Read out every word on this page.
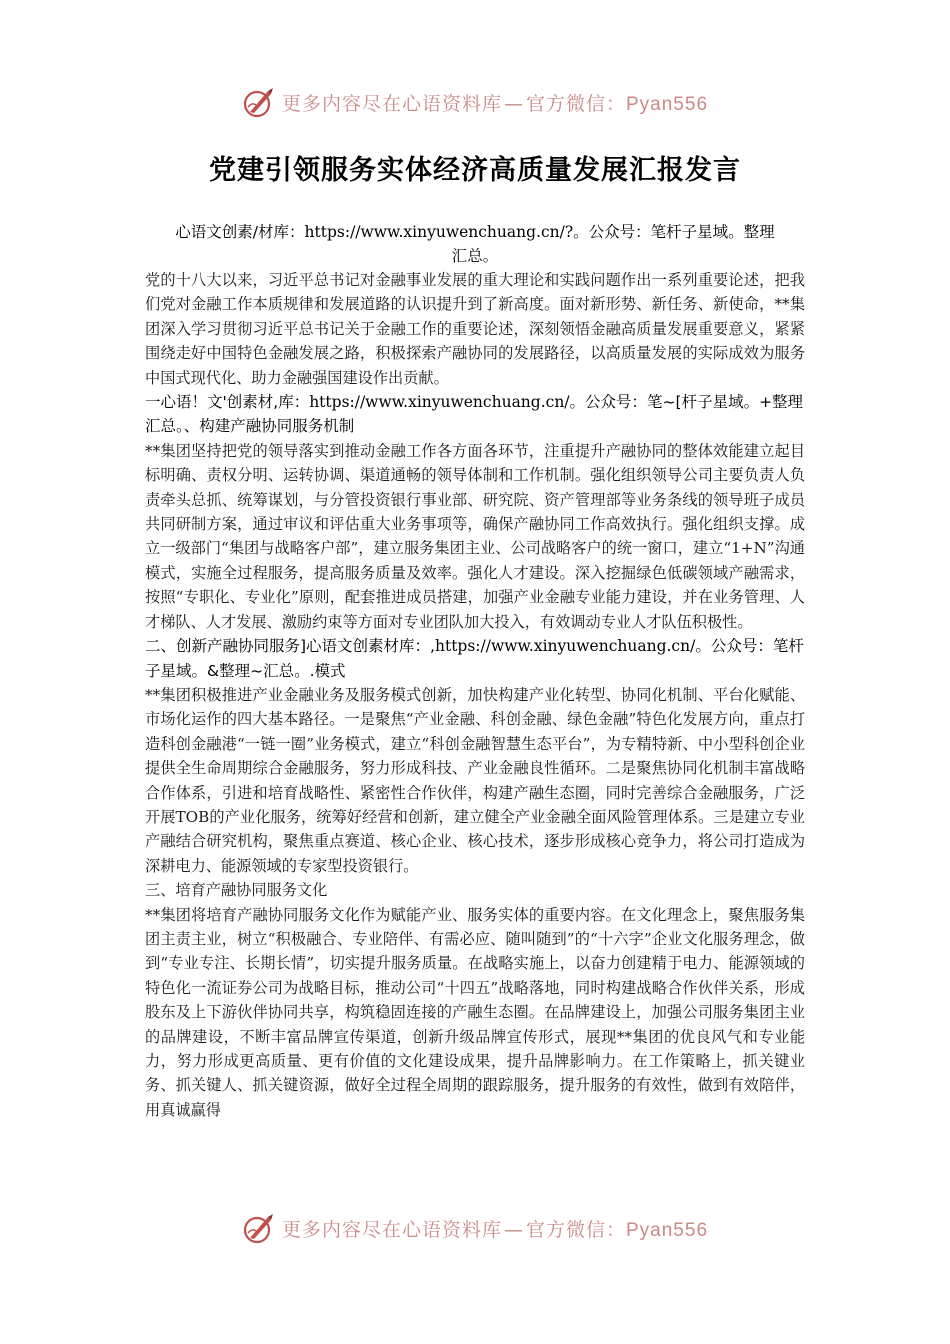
更多内容尽在心语资料库 — 官方微信：Pyan556
党建引领服务实体经济高质量发展汇报发言
心语文创素/材库：https://www.xinyuwenchuang.cn/?。公众号：笔杆子星域。整理
汇总。

党的十八大以来，习近平总书记对金融事业发展的重大理论和实践问题作出一系列重要论述，把我们党对金融工作本质规律和发展道路的认识提升到了新高度。面对新形势、新任务、新使命，**集团深入学习贯彻习近平总书记关于金融工作的重要论述，深刻领悟金融高质量发展重要意义，紧紧围绕走好中国特色金融发展之路，积极探索产融协同的发展路径，以高质量发展的实际成效为服务中国式现代化、助力金融强国建设作出贡献。

一心语！文'创素材,库：https://www.xinyuwenchuang.cn/。公众号：笔~[杆子星域。+整理汇总。、构建产融协同服务机制

**集团坚持把党的领导落实到推动金融工作各方面各环节，注重提升产融协同的整体效能建立起目标明确、责权分明、运转协调、渠道通畅的领导体制和工作机制。强化组织领导公司主要负责人负责牵头总抓、统筹谋划，与分管投资银行事业部、研究院、资产管理部等业务条线的领导班子成员共同研制方案，通过审议和评估重大业务事项等，确保产融协同工作高效执行。强化组织支撑。成立一级部门“集团与战略客户部”，建立服务集团主业、公司战略客户的统一窗口，建立“1+N”沟通模式，实施全过程服务，提高服务质量及效率。强化人才建设。深入挖掘绿色低碳领域产融需求，按照“专职化、专业化”原则，配套推进成员搭建，加强产业金融专业能力建设，并在业务管理、人才梯队、人才发展、激励约束等方面对专业团队加大投入，有效调动专业人才队伍积极性。

二、创新产融协同服务]心语文创素材库：,https://www.xinyuwenchuang.cn/。公众号：笔杆子星域。&整理~汇总。.模式

**集团积极推进产业金融业务及服务模式创新，加快构建产业化转型、协同化机制、平台化赋能、市场化运作的四大基本路径。一是聚焦“产业金融、科创金融、绿色金融”特色化发展方向，重点打造科创金融港“一链一圈”业务模式，建立“科创金融智慧生态平台”，为专精特新、中小型科创企业提供全生命周期综合金融服务，努力形成科技、产业金融良性循环。二是聚焦协同化机制丰富战略合作体系，引进和培育战略性、紧密性合作伙伴，构建产融生态圈，同时完善综合金融服务，广泛开展TOB的产业化服务，统筹好经营和创新，建立健全产业金融全面风险管理体系。三是建立专业产融结合研究机构，聚焦重点赛道、核心企业、核心技术，逐步形成核心竞争力，将公司打造成为深耕电力、能源领域的专家型投资银行。

三、培育产融协同服务文化

**集团将培育产融协同服务文化作为赋能产业、服务实体的重要内容。在文化理念上，聚焦服务集团主责主业，树立“积极融合、专业陪伴、有需必应、随叫随到”的“十六字”企业文化服务理念，做到“专业专注、长期长情”，切实提升服务质量。在战略实施上，以奋力创建精于电力、能源领域的特色化一流证券公司为战略目标，推动公司“十四五”战略落地，同时构建战略合作伙伴关系，形成股东及上下游伙伴协同共享，构筑稳固连接的产融生态圈。在品牌建设上，加强公司服务集团主业的品牌建设，不断丰富品牌宣传渠道，创新升级品牌宣传形式，展现**集团的优良风气和专业能力，努力形成更高质量、更有价值的文化建设成果，提升品牌影响力。在工作策略上，抓关键业务、抓关键人、抓关键资源，做好全过程全周期的跟踪服务，提升服务的有效性，做到有效陪伴，用真诚赢得

更多内容尽在心语资料库 — 官方微信：Pyan556
